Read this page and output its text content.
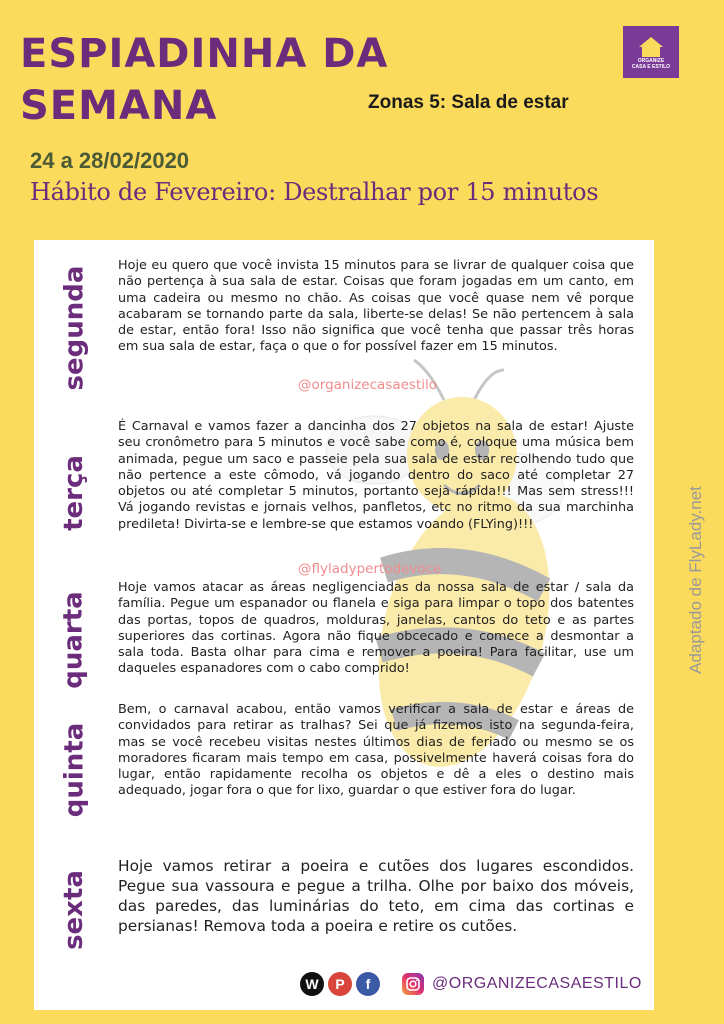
ESPIADINHA DA
SEMANA	Zonas 5: Sala de estar
ORGANIZE
CASA E ESTILO
24 a 28/02/2020
Hábito de Fevereiro: Destralhar por 15 minutos
segunda Hoje eu quero que você invista 15 minutos para se livrar de qualquer coisa que não pertença à sua sala de estar. Coisas que foram jogadas em um canto, em uma cadeira ou mesmo no chão. As coisas que você quase nem vê porque acabaram se tornando parte da sala, liberte-se delas! Se não pertencem à sala de estar, então fora! Isso não significa que você tenha que passar três horas em sua sala de estar, faça o que o for possível fazer em 15 minutos.

@organizecasaestilo
terça

É Carnaval e vamos fazer a dancinha dos 27 objetos na sala de estar! Ajuste seu cronômetro para 5 minutos e você sabe como é, coloque uma música bem animada, pegue um saco e passeie pela sua sala de estar recolhendo tudo que não pertence a este cômodo, vá jogando dentro do saco até completar 27 objetos ou até completar 5 minutos, portanto seja rápida!!! Mas sem stress!!! Vá jogando revistas e jornais velhos, panfletos, etc no ritmo da sua marchinha predileta! Divirta-se e lembre-se que estamos voando (FLYing)!!!

@flyladypertodevoce
quarta

Hoje vamos atacar as áreas negligenciadas da nossa sala de estar / sala da família. Pegue um espanador ou flanela e siga para limpar o topo dos batentes das portas, topos de quadros, molduras, janelas, cantos do teto e as partes superiores das cortinas. Agora não fique obcecado e comece a desmontar a sala toda. Basta olhar para cima e remover a poeira! Para facilitar, use um daqueles espanadores com o cabo comprido!

quinta

Bem, o carnaval acabou, então vamos verificar a sala de estar e áreas de convidados para retirar as tralhas? Sei que já fizemos isto na segunda-feira, mas se você recebeu visitas nestes últimos dias de feriado ou mesmo se os moradores ficaram mais tempo em casa, possivelmente haverá coisas fora do lugar, então rapidamente recolha os objetos e dê a eles o destino mais adequado, jogar fora o que for lixo, guardar o que estiver fora do lugar.

sexta

Hoje vamos retirar a poeira e cutões dos lugares escondidos. Pegue sua vassoura e pegue a trilha. Olhe por baixo dos móveis, das paredes, das luminárias do teto, em cima das cortinas e persianas! Remova toda a poeira e retire os cutões.

Adaptado de FlyLady.net
W	P	f	@ORGANIZECASAESTILO
